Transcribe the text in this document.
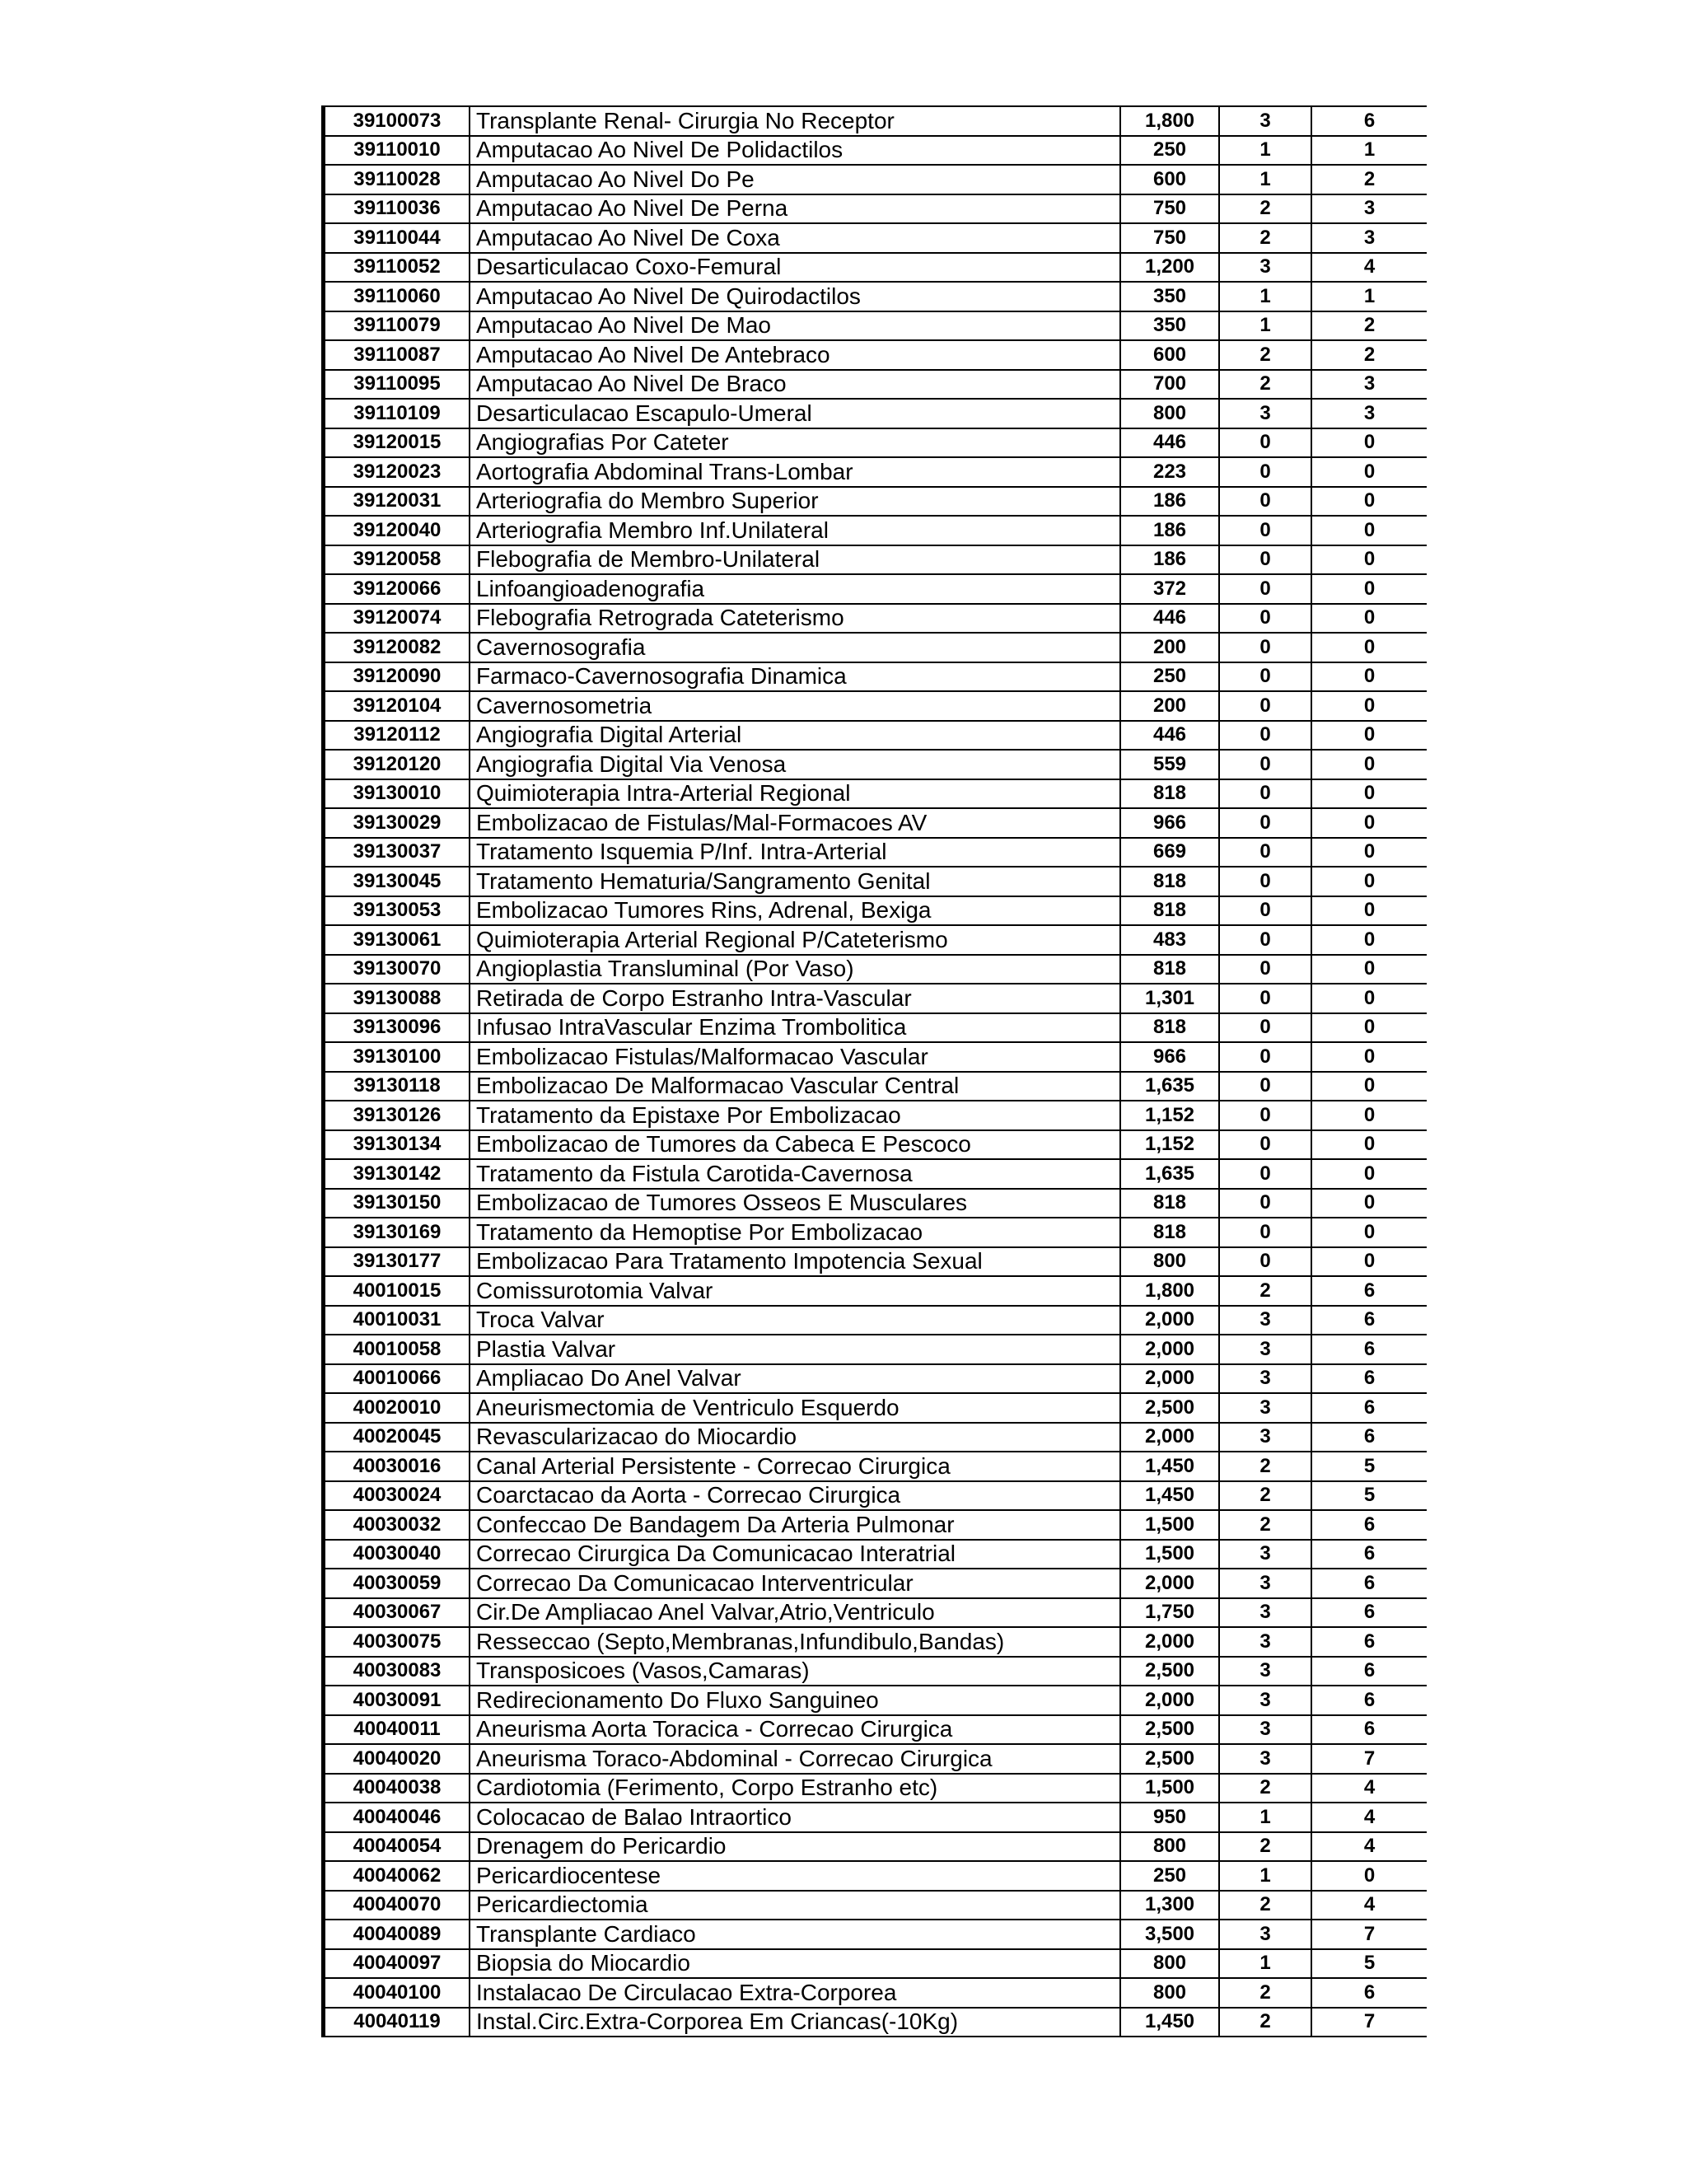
39100073	Transplante Renal- Cirurgia No Receptor	1,800	3	6
39110010	Amputacao Ao Nivel De Polidactilos	250	1	1
39110028	Amputacao Ao Nivel Do Pe	600	1	2
39110036	Amputacao Ao Nivel De Perna	750	2	3
39110044	Amputacao Ao Nivel De Coxa	750	2	3
39110052	Desarticulacao Coxo-Femural	1,200	3	4
39110060	Amputacao Ao Nivel De Quirodactilos	350	1	1
39110079	Amputacao Ao Nivel De Mao	350	1	2
39110087	Amputacao Ao Nivel De Antebraco	600	2	2
39110095	Amputacao Ao Nivel De Braco	700	2	3
39110109	Desarticulacao Escapulo-Umeral	800	3	3
39120015	Angiografias Por Cateter	446	0	0
39120023	Aortografia Abdominal Trans-Lombar	223	0	0
39120031	Arteriografia do Membro Superior	186	0	0
39120040	Arteriografia Membro Inf.Unilateral	186	0	0
39120058	Flebografia de Membro-Unilateral	186	0	0
39120066	Linfoangioadenografia	372	0	0
39120074	Flebografia Retrograda Cateterismo	446	0	0
39120082	Cavernosografia	200	0	0
39120090	Farmaco-Cavernosografia Dinamica	250	0	0
39120104	Cavernosometria	200	0	0
39120112	Angiografia Digital Arterial	446	0	0
39120120	Angiografia Digital Via Venosa	559	0	0
39130010	Quimioterapia Intra-Arterial Regional	818	0	0
39130029	Embolizacao de Fistulas/Mal-Formacoes AV	966	0	0
39130037	Tratamento Isquemia P/Inf. Intra-Arterial	669	0	0
39130045	Tratamento Hematuria/Sangramento Genital	818	0	0
39130053	Embolizacao Tumores Rins, Adrenal, Bexiga	818	0	0
39130061	Quimioterapia Arterial Regional P/Cateterismo	483	0	0
39130070	Angioplastia Transluminal (Por Vaso)	818	0	0
39130088	Retirada de Corpo Estranho Intra-Vascular	1,301	0	0
39130096	Infusao IntraVascular Enzima Trombolitica	818	0	0
39130100	Embolizacao Fistulas/Malformacao Vascular	966	0	0
39130118	Embolizacao De Malformacao Vascular Central	1,635	0	0
39130126	Tratamento da Epistaxe Por Embolizacao	1,152	0	0
39130134	Embolizacao de Tumores da Cabeca E Pescoco	1,152	0	0
39130142	Tratamento da Fistula Carotida-Cavernosa	1,635	0	0
39130150	Embolizacao de Tumores Osseos E Musculares	818	0	0
39130169	Tratamento da Hemoptise Por Embolizacao	818	0	0
39130177	Embolizacao Para Tratamento Impotencia Sexual	800	0	0
40010015	Comissurotomia Valvar	1,800	2	6
40010031	Troca Valvar	2,000	3	6
40010058	Plastia Valvar	2,000	3	6
40010066	Ampliacao Do Anel Valvar	2,000	3	6
40020010	Aneurismectomia de Ventriculo Esquerdo	2,500	3	6
40020045	Revascularizacao do Miocardio	2,000	3	6
40030016	Canal Arterial Persistente - Correcao Cirurgica	1,450	2	5
40030024	Coarctacao da Aorta - Correcao Cirurgica	1,450	2	5
40030032	Confeccao De Bandagem Da Arteria Pulmonar	1,500	2	6
40030040	Correcao Cirurgica Da Comunicacao Interatrial	1,500	3	6
40030059	Correcao Da Comunicacao Interventricular	2,000	3	6
40030067	Cir.De Ampliacao Anel Valvar,Atrio,Ventriculo	1,750	3	6
40030075	Resseccao (Septo,Membranas,Infundibulo,Bandas)	2,000	3	6
40030083	Transposicoes (Vasos,Camaras)	2,500	3	6
40030091	Redirecionamento Do Fluxo Sanguineo	2,000	3	6
40040011	Aneurisma Aorta Toracica - Correcao Cirurgica	2,500	3	6
40040020	Aneurisma Toraco-Abdominal - Correcao Cirurgica	2,500	3	7
40040038	Cardiotomia (Ferimento, Corpo Estranho etc)	1,500	2	4
40040046	Colocacao de Balao Intraortico	950	1	4
40040054	Drenagem do Pericardio	800	2	4
40040062	Pericardiocentese	250	1	0
40040070	Pericardiectomia	1,300	2	4
40040089	Transplante Cardiaco	3,500	3	7
40040097	Biopsia do Miocardio	800	1	5
40040100	Instalacao De Circulacao Extra-Corporea	800	2	6
40040119	Instal.Circ.Extra-Corporea Em Criancas(-10Kg)	1,450	2	7
